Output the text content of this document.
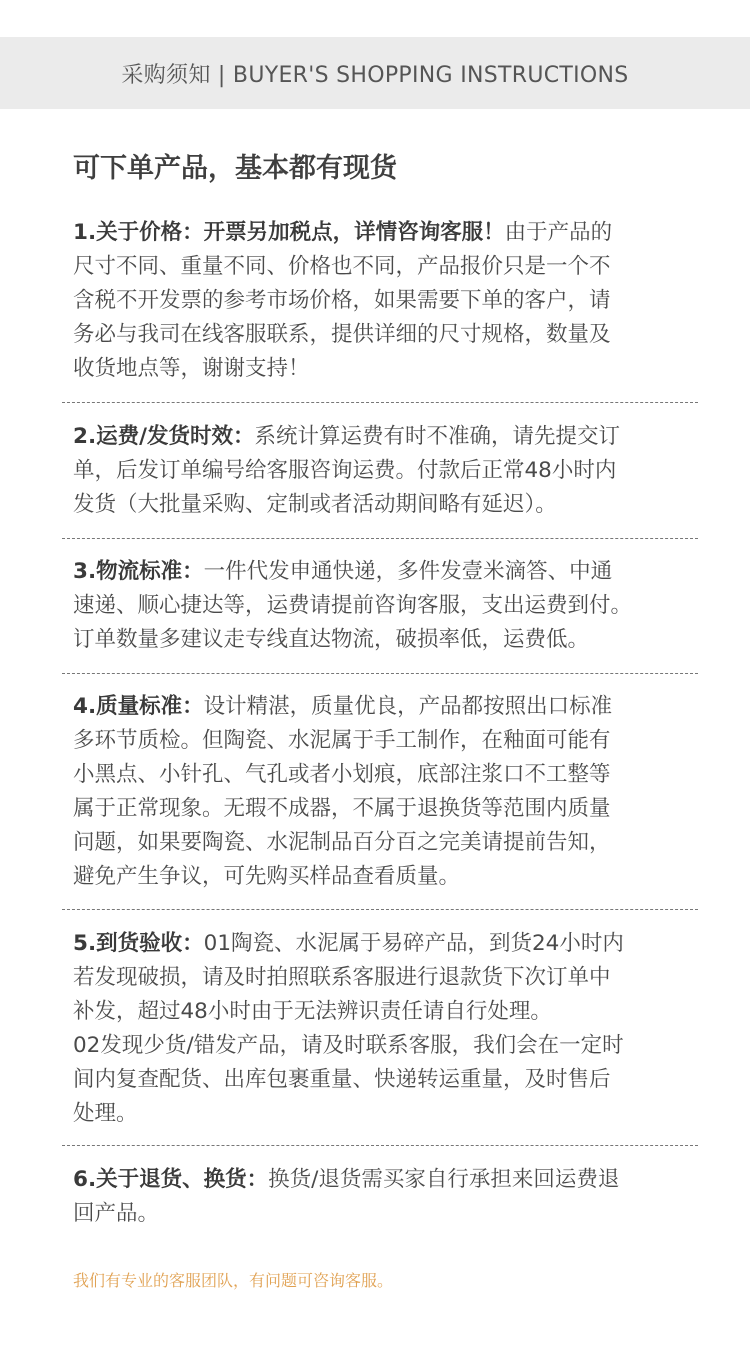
采购须知 | BUYER'S SHOPPING INSTRUCTIONS
可下单产品，基本都有现货
1.关于价格：开票另加税点，详情咨询客服！由于产品的
尺寸不同、重量不同、价格也不同，产品报价只是一个不
含税不开发票的参考市场价格，如果需要下单的客户，请
务必与我司在线客服联系，提供详细的尺寸规格，数量及
收货地点等，谢谢支持！
2.运费/发货时效：系统计算运费有时不准确，请先提交订
单，后发订单编号给客服咨询运费。付款后正常48小时内
发货（大批量采购、定制或者活动期间略有延迟）。
3.物流标准：一件代发申通快递，多件发壹米滴答、中通
速递、顺心捷达等，运费请提前咨询客服，支出运费到付。
订单数量多建议走专线直达物流，破损率低，运费低。
4.质量标准：设计精湛，质量优良，产品都按照出口标准
多环节质检。但陶瓷、水泥属于手工制作，在釉面可能有
小黑点、小针孔、气孔或者小划痕，底部注浆口不工整等
属于正常现象。无瑕不成器，不属于退换货等范围内质量
问题，如果要陶瓷、水泥制品百分百之完美请提前告知，
避免产生争议，可先购买样品查看质量。
5.到货验收：01陶瓷、水泥属于易碎产品，到货24小时内
若发现破损，请及时拍照联系客服进行退款货下次订单中
补发，超过48小时由于无法辨识责任请自行处理。
02发现少货/错发产品，请及时联系客服，我们会在一定时
间内复查配货、出库包裹重量、快递转运重量，及时售后
处理。
6.关于退货、换货：换货/退货需买家自行承担来回运费退
回产品。
我们有专业的客服团队，有问题可咨询客服。
